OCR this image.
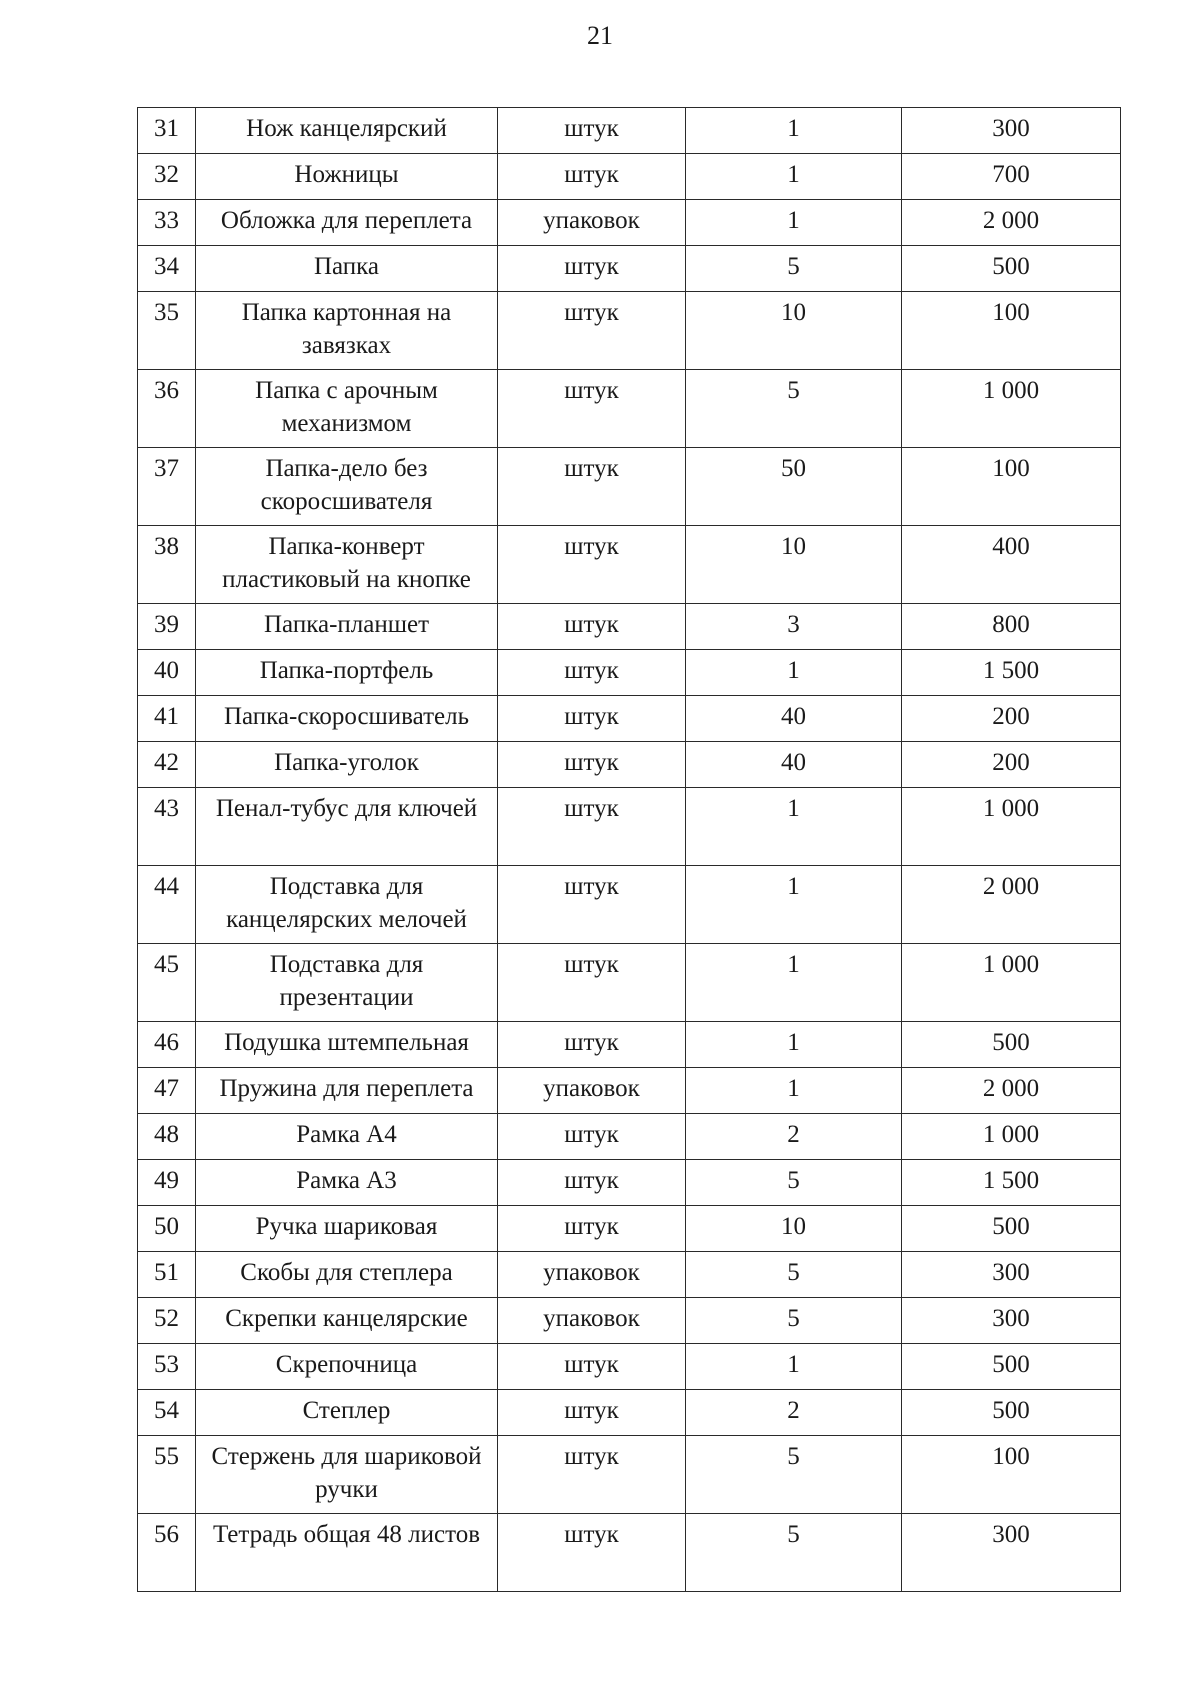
21
31	Нож канцелярский	штук	1	300
32	Ножницы	штук	1	700
33	Обложка для переплета	упаковок	1	2 000
34	Папка	штук	5	500
35	Папка картонная на завязках	штук	10	100
36	Папка с арочным механизмом	штук	5	1 000
37	Папка-дело без скоросшивателя	штук	50	100
38	Папка-конверт пластиковый на кнопке	штук	10	400
39	Папка-планшет	штук	3	800
40	Папка-портфель	штук	1	1 500
41	Папка-скоросшиватель	штук	40	200
42	Папка-уголок	штук	40	200
43	Пенал-тубус для ключей	штук	1	1 000
44	Подставка для канцелярских мелочей	штук	1	2 000
45	Подставка для презентации	штук	1	1 000
46	Подушка штемпельная	штук	1	500
47	Пружина для переплета	упаковок	1	2 000
48	Рамка А4	штук	2	1 000
49	Рамка А3	штук	5	1 500
50	Ручка шариковая	штук	10	500
51	Скобы для степлера	упаковок	5	300
52	Скрепки канцелярские	упаковок	5	300
53	Скрепочница	штук	1	500
54	Степлер	штук	2	500
55	Стержень для шариковой ручки	штук	5	100
56	Тетрадь общая 48 листов	штук	5	300
